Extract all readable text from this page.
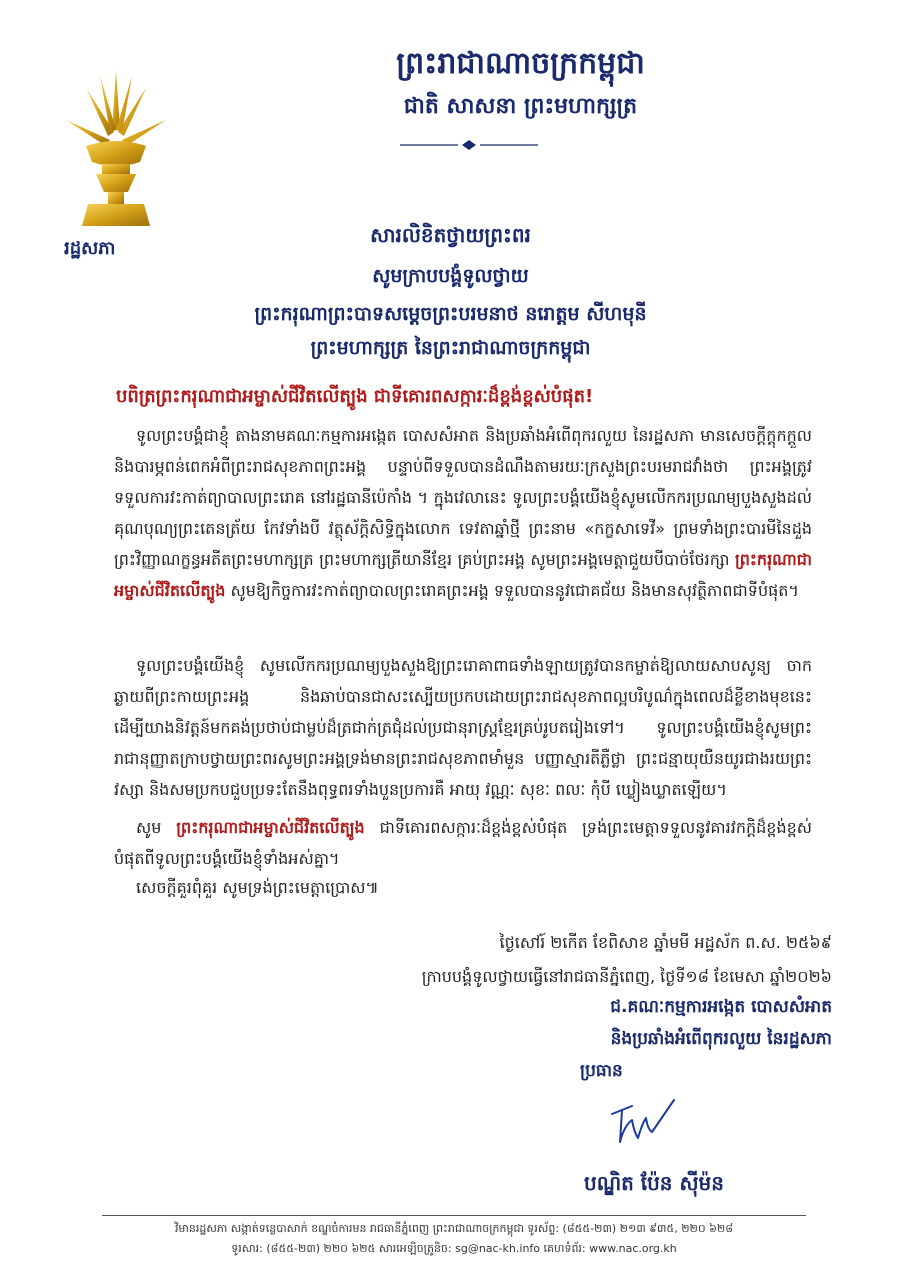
រដ្ឋសភា
ព្រះរាជាណាចក្រកម្ពុជា
ជាតិ សាសនា ព្រះមហាក្សត្រ
សារលិខិតថ្វាយព្រះពរ
សូមក្រាបបង្គំទូលថ្វាយ
ព្រះករុណាព្រះបាទសម្ដេចព្រះបរមនាថ នរោត្តម សីហមុនី
ព្រះមហាក្សត្រ នៃព្រះរាជាណាចក្រកម្ពុជា
បពិត្រព្រះករុណាជាអម្ចាស់ជីវិតលើត្បូង ជាទីគោរពសក្ការៈដ៏ខ្ពង់ខ្ពស់បំផុត!
ទូលព្រះបង្គំជាខ្ញុំ តាងនាមគណៈកម្មការអង្កេត បោសសំអាត និងប្រឆាំងអំពើពុករលួយ នៃរដ្ឋសភា មានសេចក្ដីក្ដុកក្ដួល និងបារម្ភពន់ពេកអំពីព្រះរាជសុខភាពព្រះអង្គ បន្ទាប់ពីទទួលបានដំណឹងតាមរយៈក្រសួងព្រះបរមរាជវាំងថា ព្រះអង្គត្រូវទទួលការវះកាត់ព្យាបាលព្រះរោគ នៅរដ្ឋធានីប៉េកាំង ។ ក្នុងវេលានេះ ទូលព្រះបង្គំយើងខ្ញុំសូមលើកករប្រណម្យបួងសួងដល់គុណបុណ្យព្រះតេនត្រ័យ កែវទាំងបី វត្ថុស័ក្ដិសិទ្ធិក្នុងលោក ទេវតាឆ្នាំថ្មី ព្រះនាម «កក្ខសាទេវី» ព្រមទាំងព្រះបារមីនៃដួងព្រះវិញ្ញាណក្ខន្ធអតីតព្រះមហាក្សត្រ ព្រះមហាក្សត្រីយានីខ្មែរ គ្រប់ព្រះអង្គ សូមព្រះអង្គមេត្តាជួយបីបាច់ថែរក្សា ព្រះករុណាជាអម្ចាស់ជីវិតលើត្បូង សូមឱ្យកិច្ចការវះកាត់ព្យាបាលព្រះរោគព្រះអង្គ ទទួលបាននូវជោគជ័យ និងមានសុវត្ថិភាពជាទីបំផុត។
ទូលព្រះបង្គំយើងខ្ញុំ សូមលើកករប្រណម្យបួងសួងឱ្យព្រះរោគាពាធទាំងឡាយត្រូវបានកម្ចាត់ឱ្យលាយសាបសូន្យ ចាកឆ្ងាយពីព្រះកាយព្រះអង្គ និងឆាប់បានជាសះស្បើយប្រកបដោយព្រះរាជសុខភាពល្អបរិបូណ៌ក្នុងពេលដ៏ខ្លីខាងមុខនេះ ដើម្បីយាងនិវត្តន៍មកគង់ប្រថាប់ជាម្លប់ដ៏ត្រជាក់ត្រជុំដល់ប្រជានុរាស្ត្រខ្មែរគ្រប់រូបតរៀងទៅ។ ទូលព្រះបង្គំយើងខ្ញុំសូមព្រះរាជានុញ្ញាតក្រាបថ្វាយព្រះពរសូមព្រះអង្គទ្រង់មានព្រះរាជសុខភាពមាំមួន បញ្ញាស្មារតីភ្លឺថ្លា ព្រះជន្មាយុយឺនយូរជាងរយព្រះវស្សា និងសមប្រកបជួបប្រទះតែនឹងពុទ្ធពរទាំងបួនប្រការគឺ អាយុ វណ្ណៈ សុខៈ ពលៈ កុំបី ឃ្លៀងឃ្លាតឡើយ។
សូម ព្រះករុណាជាអម្ចាស់ជីវិតលើត្បូង ជាទីគោរពសក្ការៈដ៏ខ្ពង់ខ្ពស់បំផុត ទ្រង់ព្រះមេត្តាទទួលនូវគារវកក្តិដ៏ខ្ពង់ខ្ពស់បំផុតពីទូលព្រះបង្គំយើងខ្ញុំទាំងអស់គ្នា។
សេចក្តីគួរពុំគួរ សូមទ្រង់ព្រះមេត្តាប្រោស៕
ថ្ងៃសៅរ៍ ២កើត ខែពិសាខ ឆ្នាំមមី អដ្ឋស័ក ព.ស. ២៥៦៩
ក្រាបបង្គំទូលថ្វាយធ្វើនៅរាជធានីភ្នំពេញ, ថ្ងៃទី១៨ ខែមេសា ឆ្នាំ២០២៦
ជ.គណៈកម្មការអង្កេត បោសសំអាត
និងប្រឆាំងអំពើពុករលួយ នៃរដ្ឋសភា
ប្រធាន
បណ្ឌិត ប៉ែន ស៊ីម៉ន
វិមានរដ្ឋសភា សង្កាត់ទន្លេបាសាក់ ខណ្ឌចំការមន រាជធានីភ្នំពេញ ព្រះរាជាណាចក្រកម្ពុជា ទូរស័ព្ទ: (៨៥៥-២៣) ២១៣ ៩៣៥, ២២០ ៦២៨
ទូរសារ: (៨៥៥-២៣) ២២០ ៦២៥ សារអេឡិចត្រូនិច: sg@nac-kh.info គេហទំព័រ: www.nac.org.kh
